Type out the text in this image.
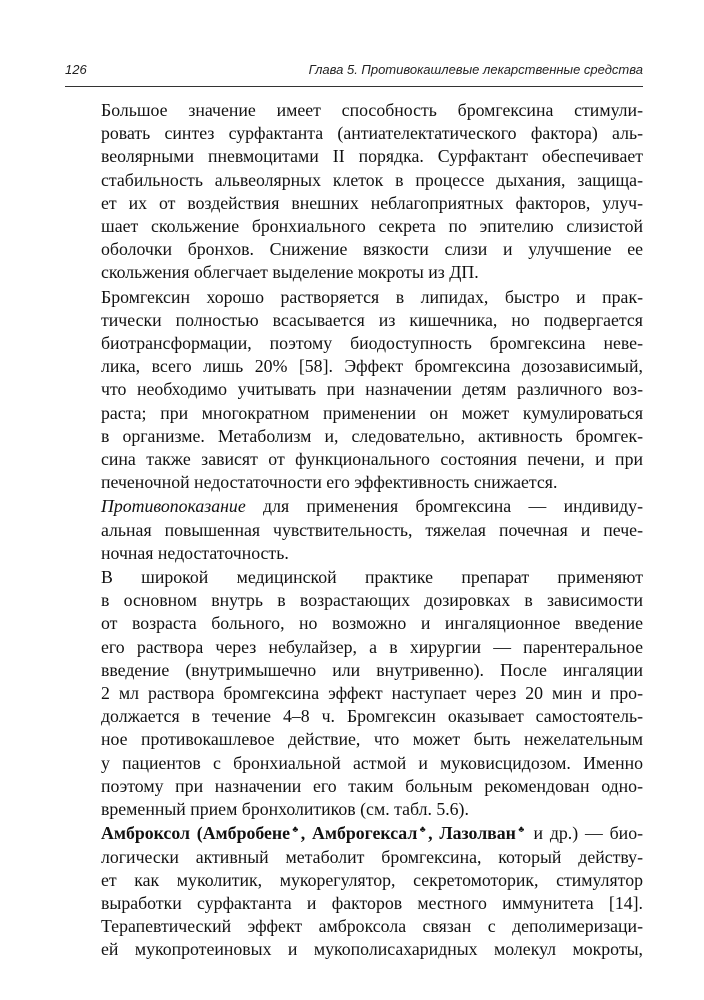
126	Глава 5. Противокашлевые лекарственные средства
Большое значение имеет способность бромгексина стимули-
ровать синтез сурфактанта (антиателектатического фактора) аль-
веолярными пневмоцитами II порядка. Сурфактант обеспечивает
стабильность альвеолярных клеток в процессе дыхания, защища-
ет их от воздействия внешних неблагоприятных факторов, улуч-
шает скольжение бронхиального секрета по эпителию слизистой
оболочки бронхов. Снижение вязкости слизи и улучшение ее
скольжения облегчает выделение мокроты из ДП.
Бромгексин хорошо растворяется в липидах, быстро и прак-
тически полностью всасывается из кишечника, но подвергается
биотрансформации, поэтому биодоступность бромгексина неве-
лика, всего лишь 20% [58]. Эффект бромгексина дозозависимый,
что необходимо учитывать при назначении детям различного воз-
раста; при многократном применении он может кумулироваться
в организме. Метаболизм и, следовательно, активность бромгек-
сина также зависят от функционального состояния печени, и при
печеночной недостаточности его эффективность снижается.
Противопоказание для применения бромгексина — индивиду-
альная повышенная чувствительность, тяжелая почечная и пече-
ночная недостаточность.
В широкой медицинской практике препарат применяют
в основном внутрь в возрастающих дозировках в зависимости
от возраста больного, но возможно и ингаляционное введение
его раствора через небулайзер, а в хирургии — парентеральное
введение (внутримышечно или внутривенно). После ингаляции
2 мл раствора бромгексина эффект наступает через 20 мин и про-
должается в течение 4–8 ч. Бромгексин оказывает самостоятель-
ное противокашлевое действие, что может быть нежелательным
у пациентов с бронхиальной астмой и муковисцидозом. Именно
поэтому при назначении его таким больным рекомендован одно-
временный прием бронхолитиков (см. табл. 5.6).
Амброксол (Амбробене♣, Амброгексал♣, Лазолван♣ и др.) — био-
логически активный метаболит бромгексина, который действу-
ет как муколитик, мукорегулятор, секретомоторик, стимулятор
выработки сурфактанта и факторов местного иммунитета [14].
Терапевтический эффект амброксола связан с деполимеризаци-
ей мукопротеиновых и мукополисахаридных молекул мокроты,
